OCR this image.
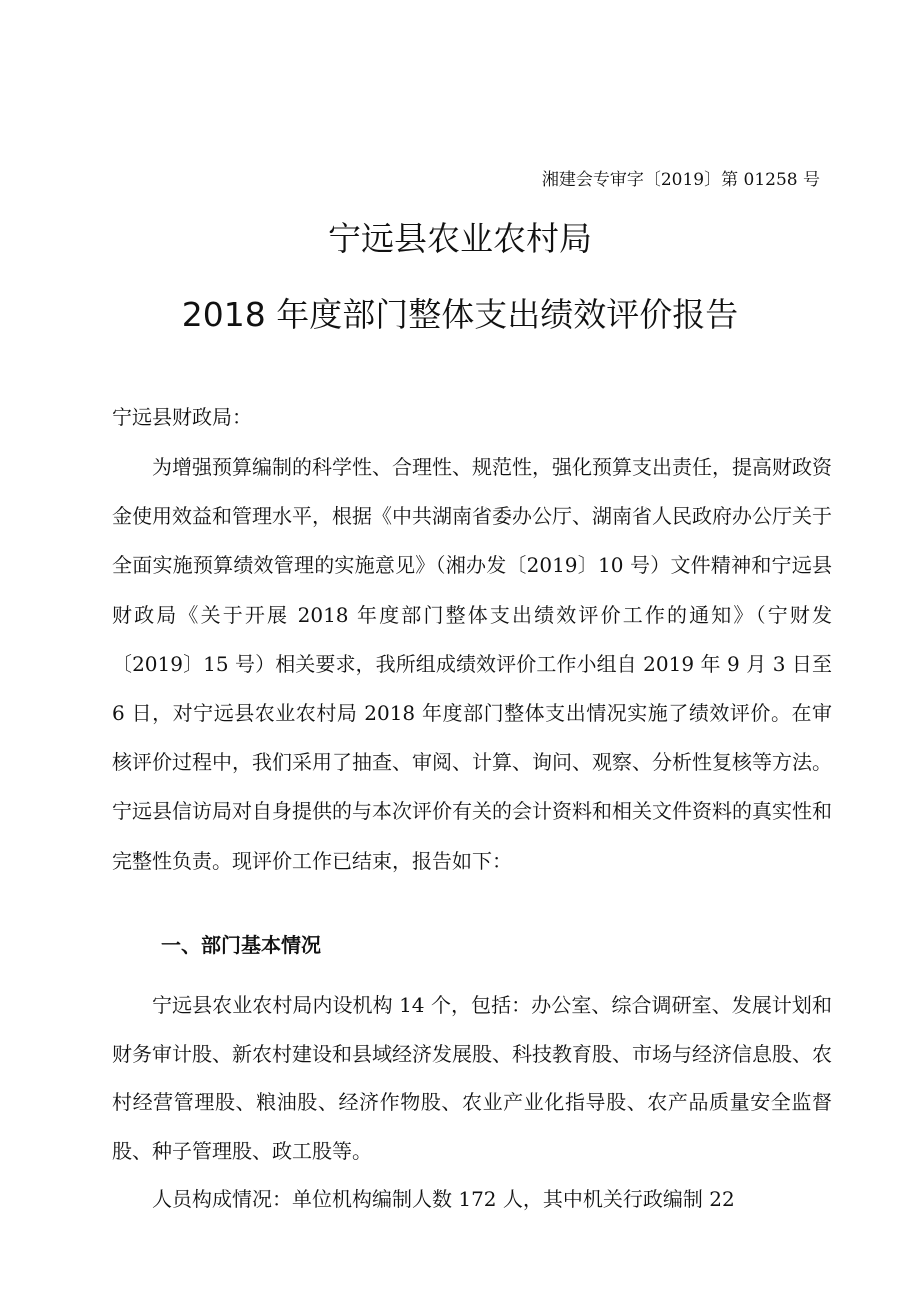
湘建会专审字〔2019〕第 01258 号
宁远县农业农村局
2018 年度部门整体支出绩效评价报告
宁远县财政局：

为增强预算编制的科学性、合理性、规范性，强化预算支出责任，提高财政资金使用效益和管理水平，根据《中共湖南省委办公厅、湖南省人民政府办公厅关于全面实施预算绩效管理的实施意见》（湘办发〔2019〕10 号）文件精神和宁远县财政局《关于开展 2018 年度部门整体支出绩效评价工作的通知》（宁财发〔2019〕15 号）相关要求，我所组成绩效评价工作小组自 2019 年 9 月 3 日至 6 日，对宁远县农业农村局 2018 年度部门整体支出情况实施了绩效评价。在审核评价过程中，我们采用了抽查、审阅、计算、询问、观察、分析性复核等方法。宁远县信访局对自身提供的与本次评价有关的会计资料和相关文件资料的真实性和完整性负责。现评价工作已结束，报告如下：

一、部门基本情况

宁远县农业农村局内设机构 14 个，包括：办公室、综合调研室、发展计划和财务审计股、新农村建设和县域经济发展股、科技教育股、市场与经济信息股、农村经营管理股、粮油股、经济作物股、农业产业化指导股、农产品质量安全监督股、种子管理股、政工股等。

人员构成情况：单位机构编制人数 172 人，其中机关行政编制 22
